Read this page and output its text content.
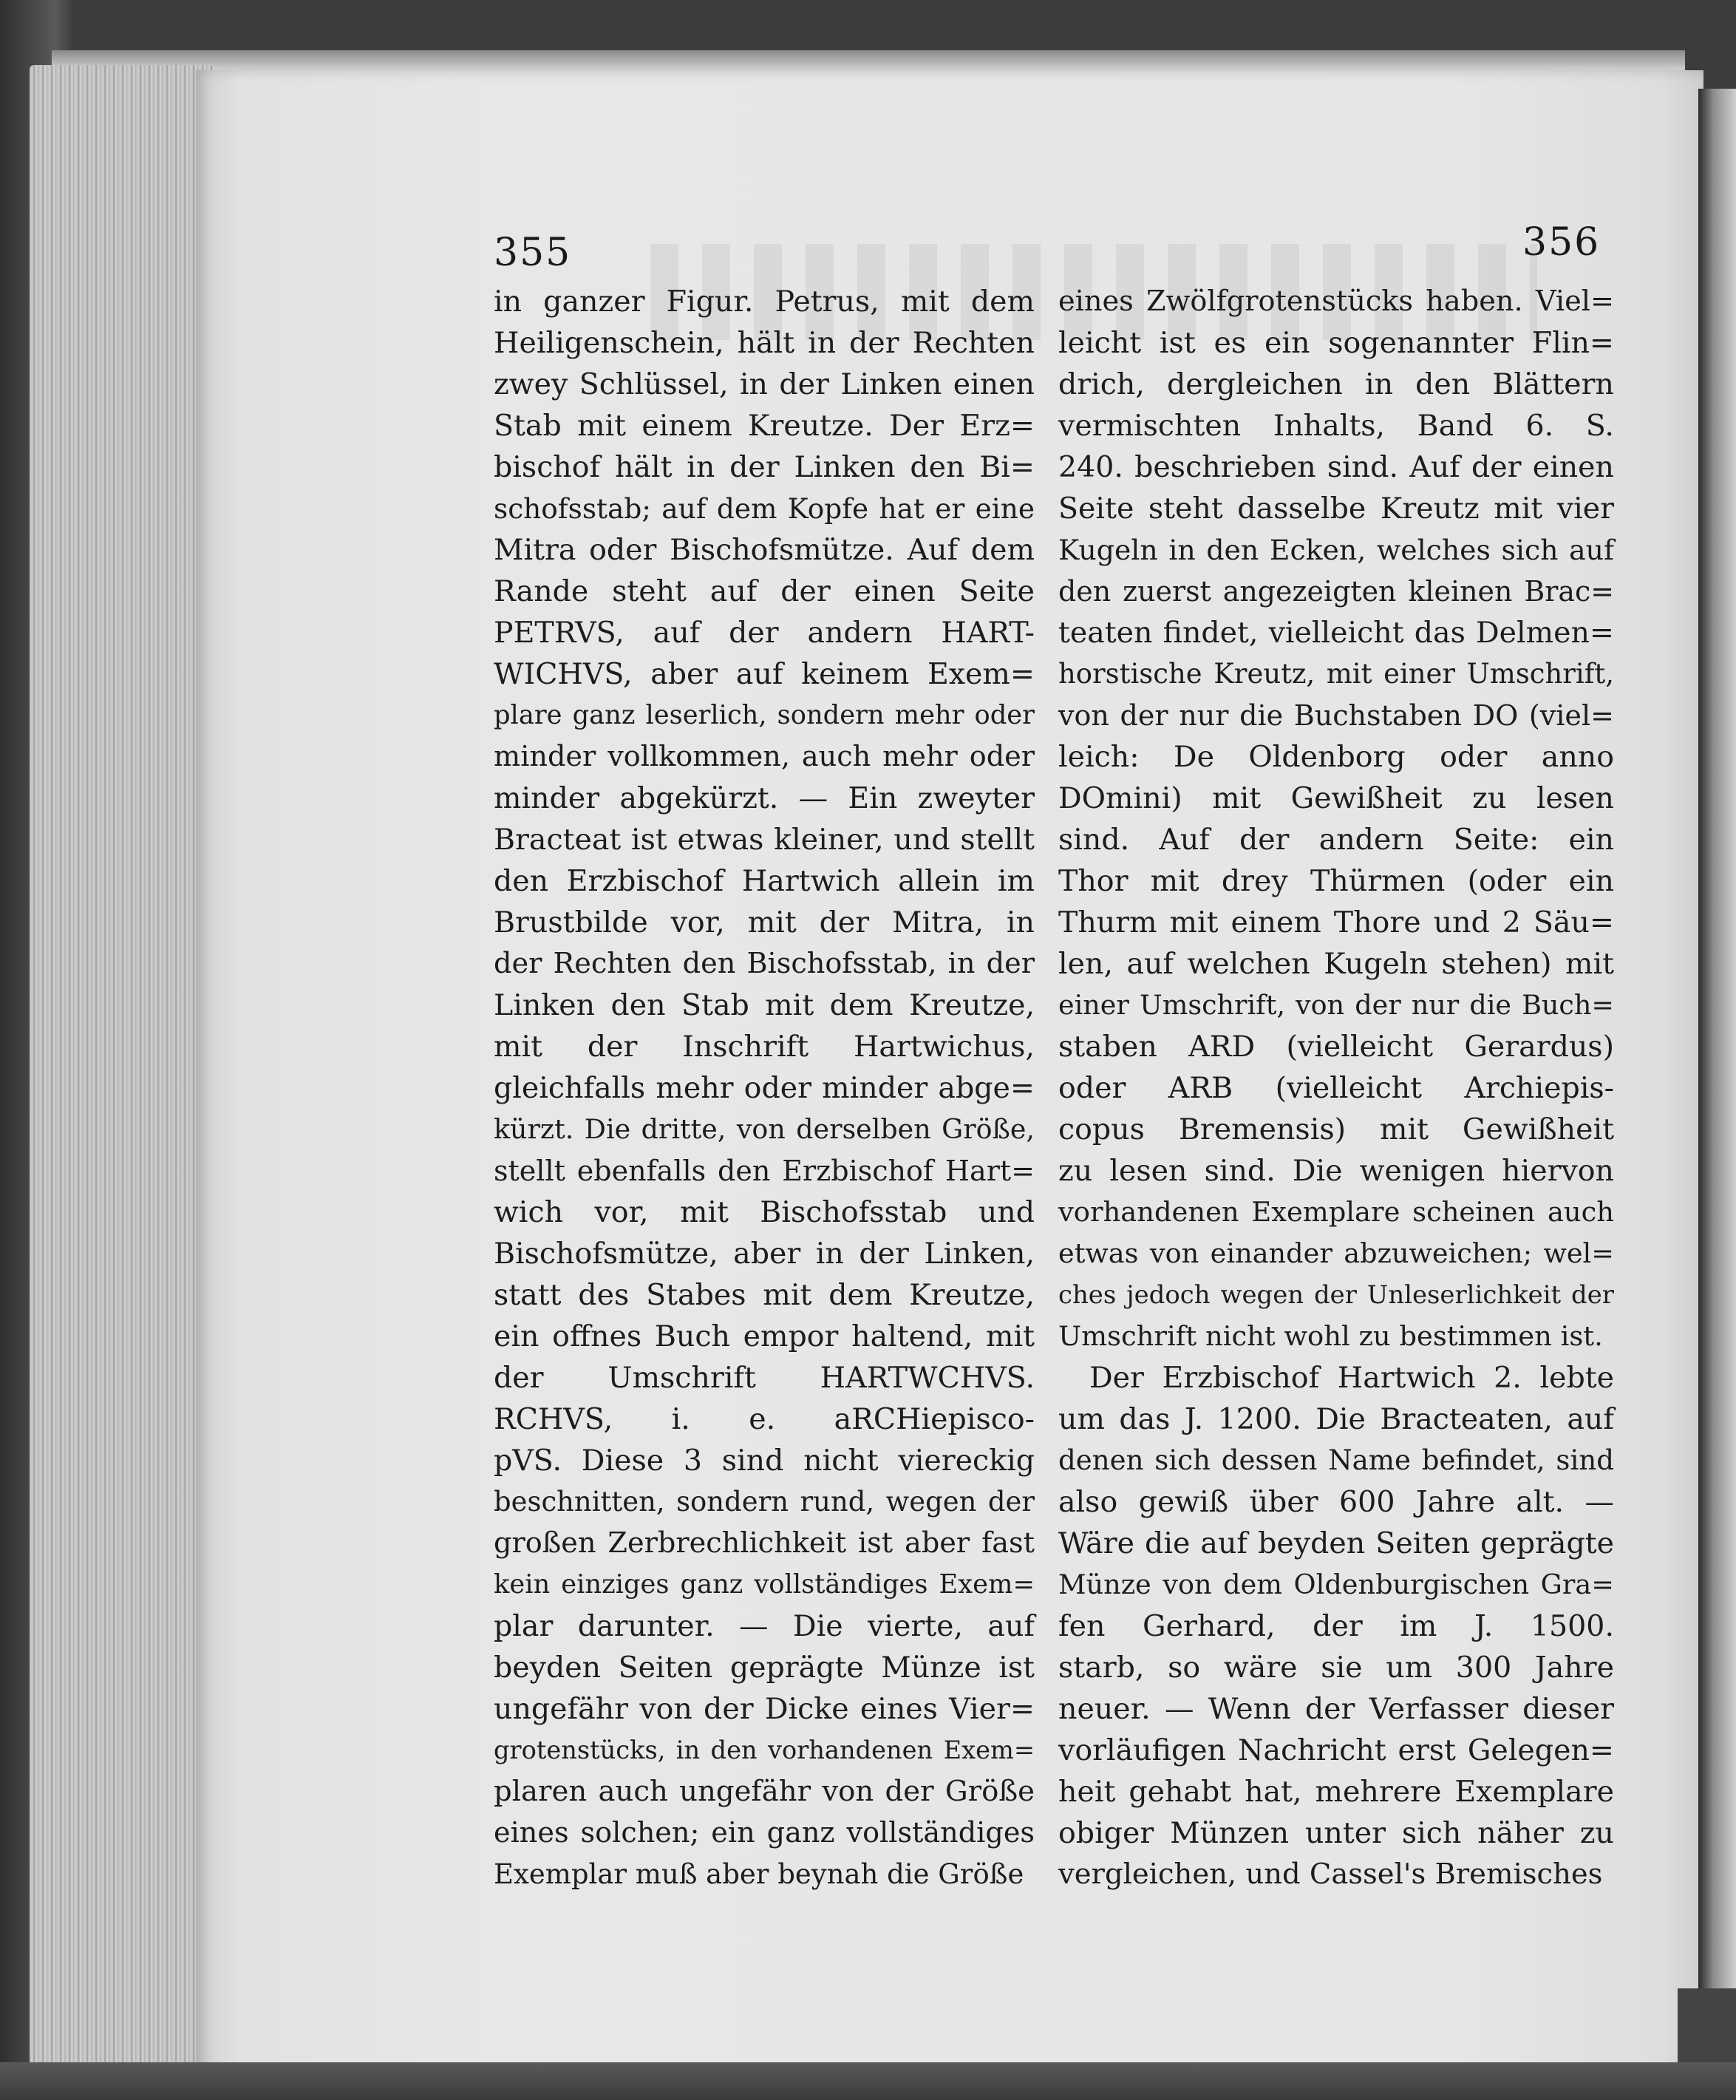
355	356
in ganzer Figur. Petrus, mit dem
Heiligenschein, hält in der Rechten
zwey Schlüssel, in der Linken einen
Stab mit einem Kreutze. Der Erz=
bischof hält in der Linken den Bi=
schofsstab; auf dem Kopfe hat er eine
Mitra oder Bischofsmütze. Auf dem
Rande steht auf der einen Seite
PETRVS, auf der andern HART-
WICHVS, aber auf keinem Exem=
plare ganz leserlich, sondern mehr oder
minder vollkommen, auch mehr oder
minder abgekürzt. — Ein zweyter
Bracteat ist etwas kleiner, und stellt
den Erzbischof Hartwich allein im
Brustbilde vor, mit der Mitra, in
der Rechten den Bischofsstab, in der
Linken den Stab mit dem Kreutze,
mit der Inschrift Hartwichus,
gleichfalls mehr oder minder abge=
kürzt. Die dritte, von derselben Größe,
stellt ebenfalls den Erzbischof Hart=
wich vor, mit Bischofsstab und
Bischofsmütze, aber in der Linken,
statt des Stabes mit dem Kreutze,
ein offnes Buch empor haltend, mit
der Umschrift HARTWCHVS.
RCHVS, i. e. aRCHiepisco-
pVS. Diese 3 sind nicht viereckig
beschnitten, sondern rund, wegen der
großen Zerbrechlichkeit ist aber fast
kein einziges ganz vollständiges Exem=
plar darunter. — Die vierte, auf
beyden Seiten geprägte Münze ist
ungefähr von der Dicke eines Vier=
grotenstücks, in den vorhandenen Exem=
plaren auch ungefähr von der Größe
eines solchen; ein ganz vollständiges
Exemplar muß aber beynah die Größe
eines Zwölfgrotenstücks haben. Viel=
leicht ist es ein sogenannter Flin=
drich, dergleichen in den Blättern
vermischten Inhalts, Band 6. S.
240. beschrieben sind. Auf der einen
Seite steht dasselbe Kreutz mit vier
Kugeln in den Ecken, welches sich auf
den zuerst angezeigten kleinen Brac=
teaten findet, vielleicht das Delmen=
horstische Kreutz, mit einer Umschrift,
von der nur die Buchstaben DO (viel=
leich: De Oldenborg oder anno
DOmini) mit Gewißheit zu lesen
sind. Auf der andern Seite: ein
Thor mit drey Thürmen (oder ein
Thurm mit einem Thore und 2 Säu=
len, auf welchen Kugeln stehen) mit
einer Umschrift, von der nur die Buch=
staben ARD (vielleicht Gerardus)
oder ARB (vielleicht Archiepis-
copus Bremensis) mit Gewißheit
zu lesen sind. Die wenigen hiervon
vorhandenen Exemplare scheinen auch
etwas von einander abzuweichen; wel=
ches jedoch wegen der Unleserlichkeit der
Umschrift nicht wohl zu bestimmen ist.
Der Erzbischof Hartwich 2. lebte
um das J. 1200. Die Bracteaten, auf
denen sich dessen Name befindet, sind
also gewiß über 600 Jahre alt. —
Wäre die auf beyden Seiten geprägte
Münze von dem Oldenburgischen Gra=
fen Gerhard, der im J. 1500.
starb, so wäre sie um 300 Jahre
neuer. — Wenn der Verfasser dieser
vorläufigen Nachricht erst Gelegen=
heit gehabt hat, mehrere Exemplare
obiger Münzen unter sich näher zu
vergleichen, und Cassel's Bremisches
